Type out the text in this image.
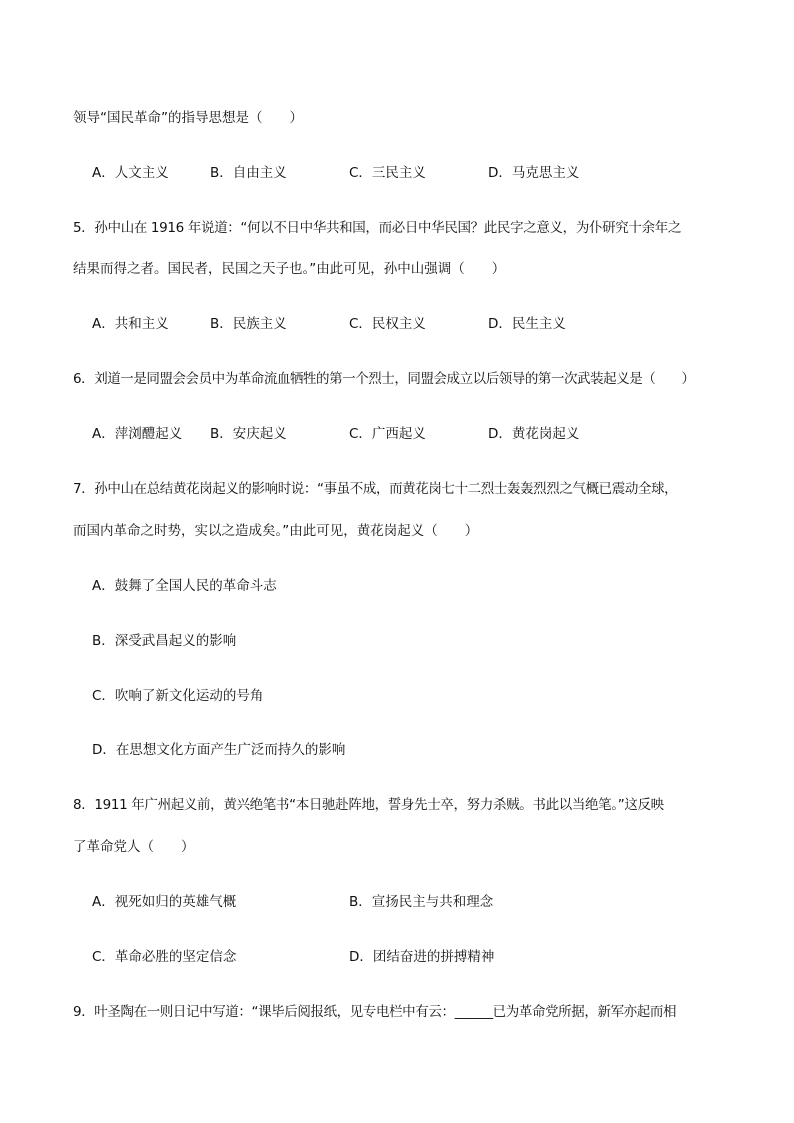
领导“国民革命”的指导思想是（　　）
A．人文主义	B．自由主义	C．三民主义	D．马克思主义
5．孙中山在 1916 年说道：“何以不日中华共和国，而必日中华民国？此民字之意义，为仆研究十余年之
结果而得之者。国民者，民国之天子也。”由此可见，孙中山强调（　　）
A．共和主义	B．民族主义	C．民权主义	D．民生主义
6．刘道一是同盟会会员中为革命流血牺牲的第一个烈士，同盟会成立以后领导的第一次武装起义是（　　）
A．萍浏醴起义 B．安庆起义	C．广西起义	D．黄花岗起义
7．孙中山在总结黄花岗起义的影响时说：“事虽不成，而黄花岗七十二烈士轰轰烈烈之气概已震动全球，
而国内革命之时势，实以之造成矣。”由此可见，黄花岗起义（　　）
A．鼓舞了全国人民的革命斗志
B．深受武昌起义的影响
C．吹响了新文化运动的号角
D．在思想文化方面产生广泛而持久的影响
8．1911 年广州起义前，黄兴绝笔书“本日驰赴阵地，誓身先士卒，努力杀贼。书此以当绝笔。”这反映
了革命党人（　　）
A．视死如归的英雄气概	B．宣扬民主与共和理念
C．革命必胜的坚定信念	D．团结奋进的拼搏精神
9．叶圣陶在一则日记中写道：“课毕后阅报纸，见专电栏中有云：______已为革命党所据，新军亦起而相
